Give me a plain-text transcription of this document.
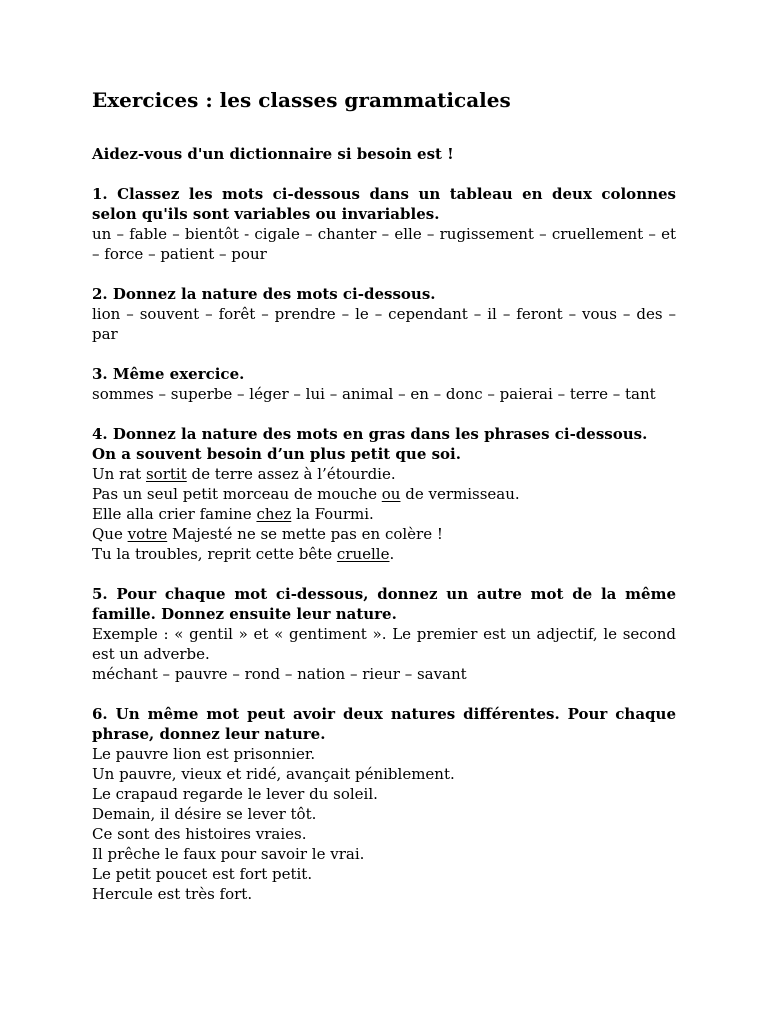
Exercices : les classes grammaticales

Aidez-vous d'un dictionnaire si besoin est !

1. Classez les mots ci-dessous dans un tableau en deux colonnes selon qu'ils sont variables ou invariables.

un – fable – bientôt - cigale – chanter – elle – rugissement – cruellement – et – force – patient – pour

2. Donnez la nature des mots ci-dessous.

lion – souvent – forêt – prendre – le – cependant – il – feront – vous – des – par

3. Même exercice.

sommes – superbe – léger – lui – animal – en – donc – paierai – terre – tant

4. Donnez la nature des mots en gras dans les phrases ci-dessous.

On a souvent besoin d’un plus petit que soi.

Un rat sortit de terre assez à l’étourdie.

Pas un seul petit morceau de mouche ou de vermisseau.

Elle alla crier famine chez la Fourmi.

Que votre Majesté ne se mette pas en colère !

Tu la troubles, reprit cette bête cruelle.

5. Pour chaque mot ci-dessous, donnez un autre mot de la même famille. Donnez ensuite leur nature.

Exemple : « gentil » et « gentiment ». Le premier est un adjectif, le second est un adverbe.

méchant – pauvre – rond – nation – rieur – savant

6. Un même mot peut avoir deux natures différentes. Pour chaque phrase, donnez leur nature.

Le pauvre lion est prisonnier.

Un pauvre, vieux et ridé, avançait péniblement.

Le crapaud regarde le lever du soleil.

Demain, il désire se lever tôt.

Ce sont des histoires vraies.

Il prêche le faux pour savoir le vrai.

Le petit poucet est fort petit.

Hercule est très fort.
